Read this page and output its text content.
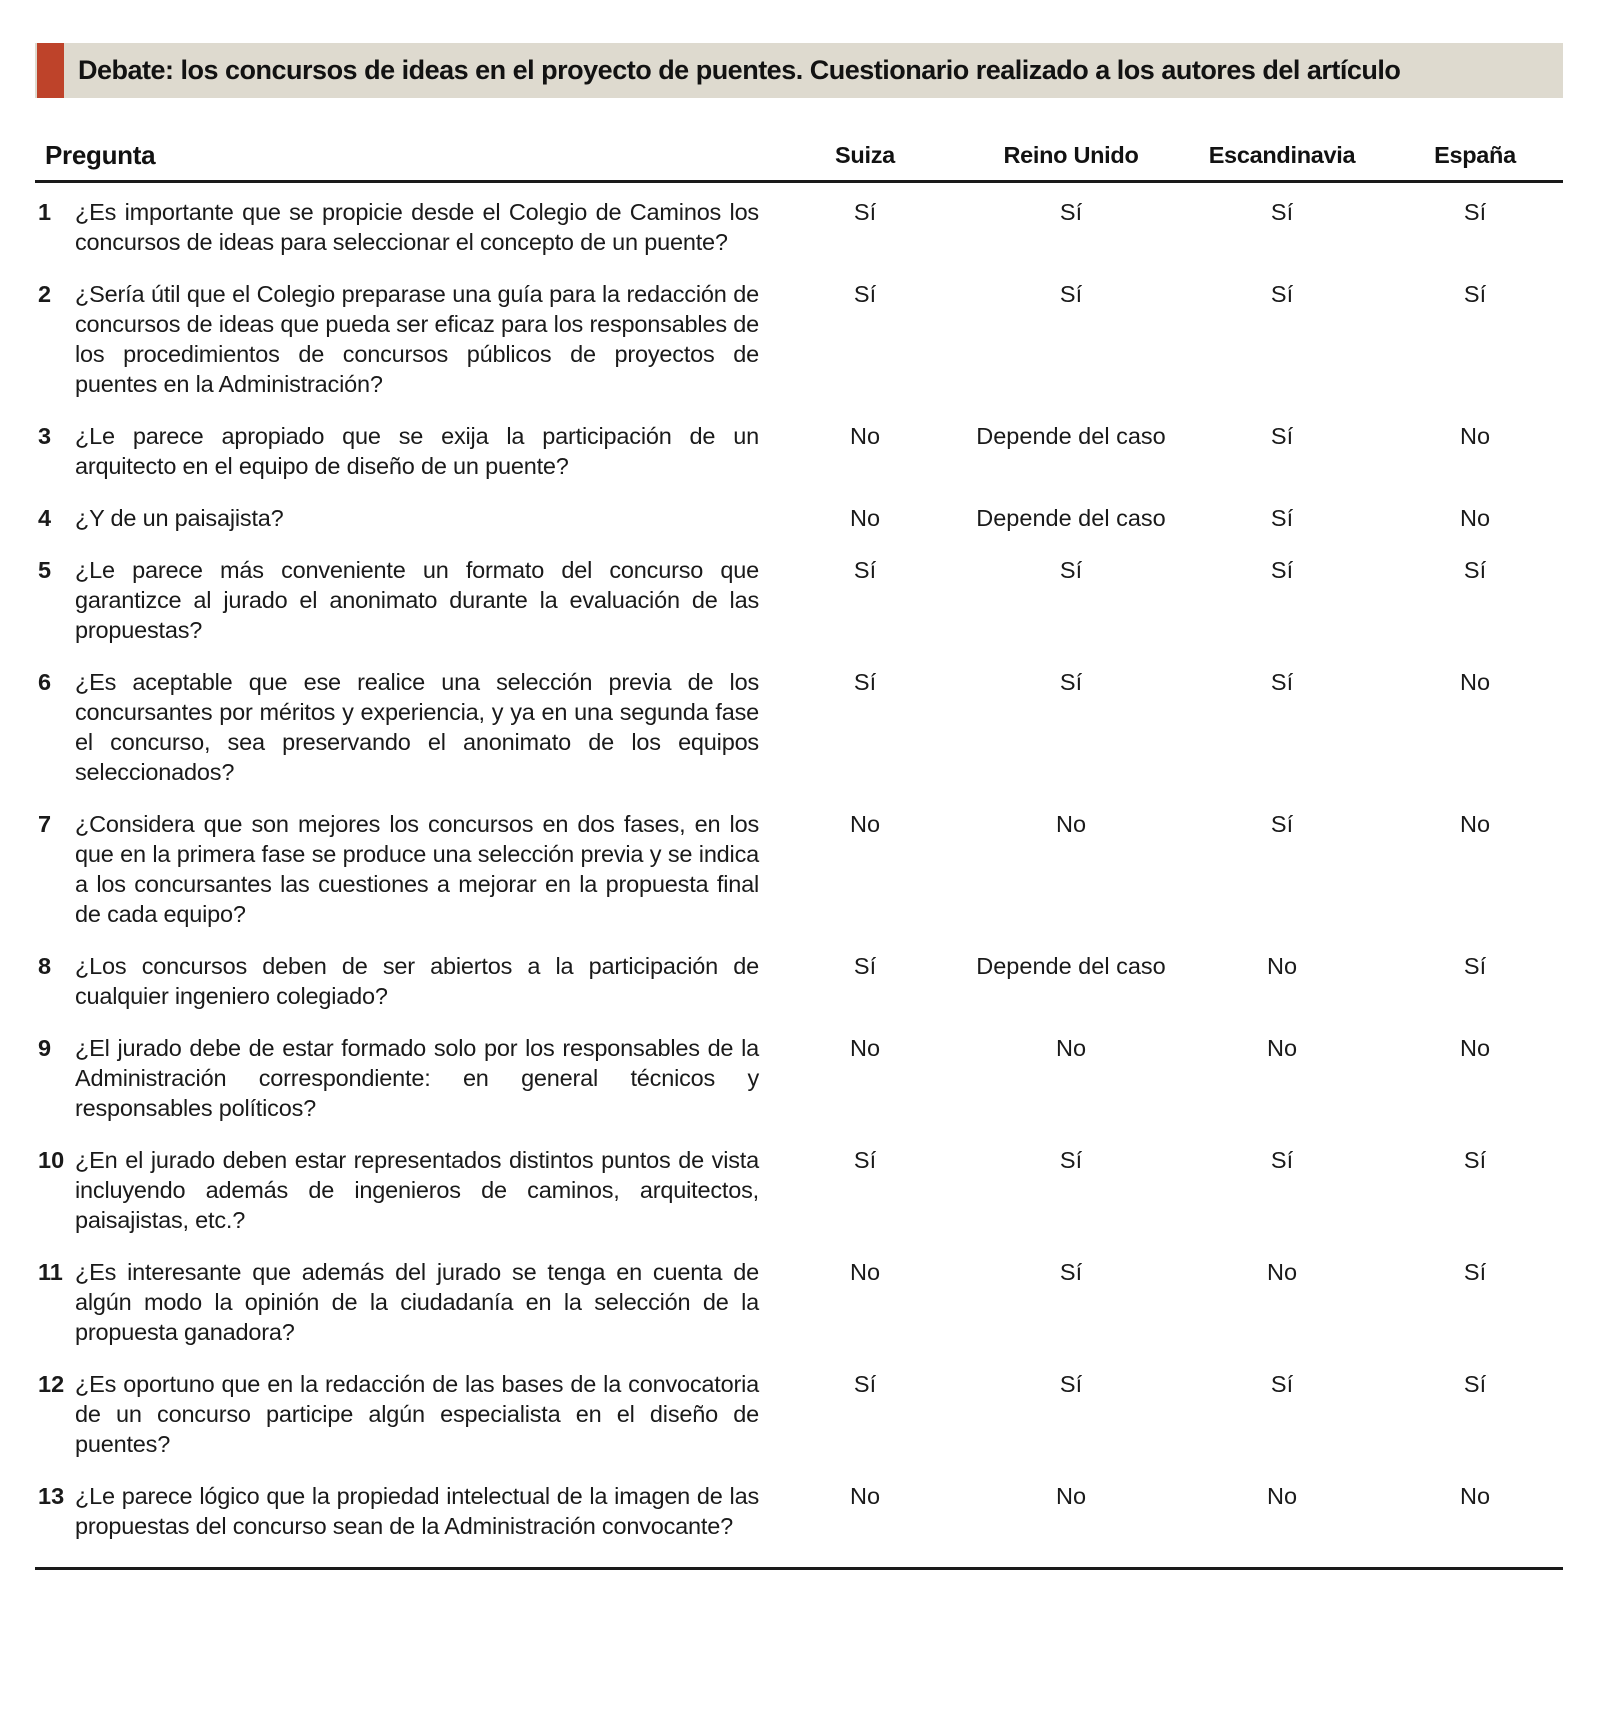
Debate: los concursos de ideas en el proyecto de puentes. Cuestionario realizado a los autores del artículo
Pregunta	Suiza	Reino Unido	Escandinavia	España
1	¿Es importante que se propicie desde el Colegio de Caminos los concursos de ideas para seleccionar el concepto de un puente?
Sí	Sí	Sí	Sí
2	¿Sería útil que el Colegio preparase una guía para la redacción de concursos de ideas que pueda ser eficaz para los responsables de los procedimientos de concursos públicos de proyectos de puentes en la Administración?
Sí	Sí	Sí	Sí
3	¿Le parece apropiado que se exija la participación de un arquitecto en el equipo de diseño de un puente?
No	Depende del caso	Sí	No
4	¿Y de un paisajista?	No	Depende del caso	Sí	No
5	¿Le parece más conveniente un formato del concurso que garantizce al jurado el anonimato durante la evaluación de las propuestas?
Sí	Sí	Sí	Sí
6	¿Es aceptable que ese realice una selección previa de los concursantes por méritos y experiencia, y ya en una segunda fase el concurso, sea preservando el anonimato de los equipos seleccionados?
Sí	Sí	Sí	No
7	¿Considera que son mejores los concursos en dos fases, en los que en la primera fase se produce una selección previa y se indica a los concursantes las cuestiones a mejorar en la propuesta final de cada equipo?
No	No	Sí	No
8	¿Los concursos deben de ser abiertos a la participación de cualquier ingeniero colegiado?
Sí	Depende del caso	No	Sí
9	¿El jurado debe de estar formado solo por los responsables de la Administración correspondiente: en general técnicos y responsables políticos?
No	No	No	No
10 ¿En el jurado deben estar representados distintos puntos de vista incluyendo además de ingenieros de caminos, arquitectos, paisajistas, etc.?
Sí	Sí	Sí	Sí
11 ¿Es interesante que además del jurado se tenga en cuenta de algún modo la opinión de la ciudadanía en la selección de la propuesta ganadora?
No	Sí	No	Sí
12 ¿Es oportuno que en la redacción de las bases de la convocatoria de un concurso participe algún especialista en el diseño de puentes?
Sí	Sí	Sí	Sí
13 ¿Le parece lógico que la propiedad intelectual de la imagen de las propuestas del concurso sean de la Administración convocante?
No	No	No	No
